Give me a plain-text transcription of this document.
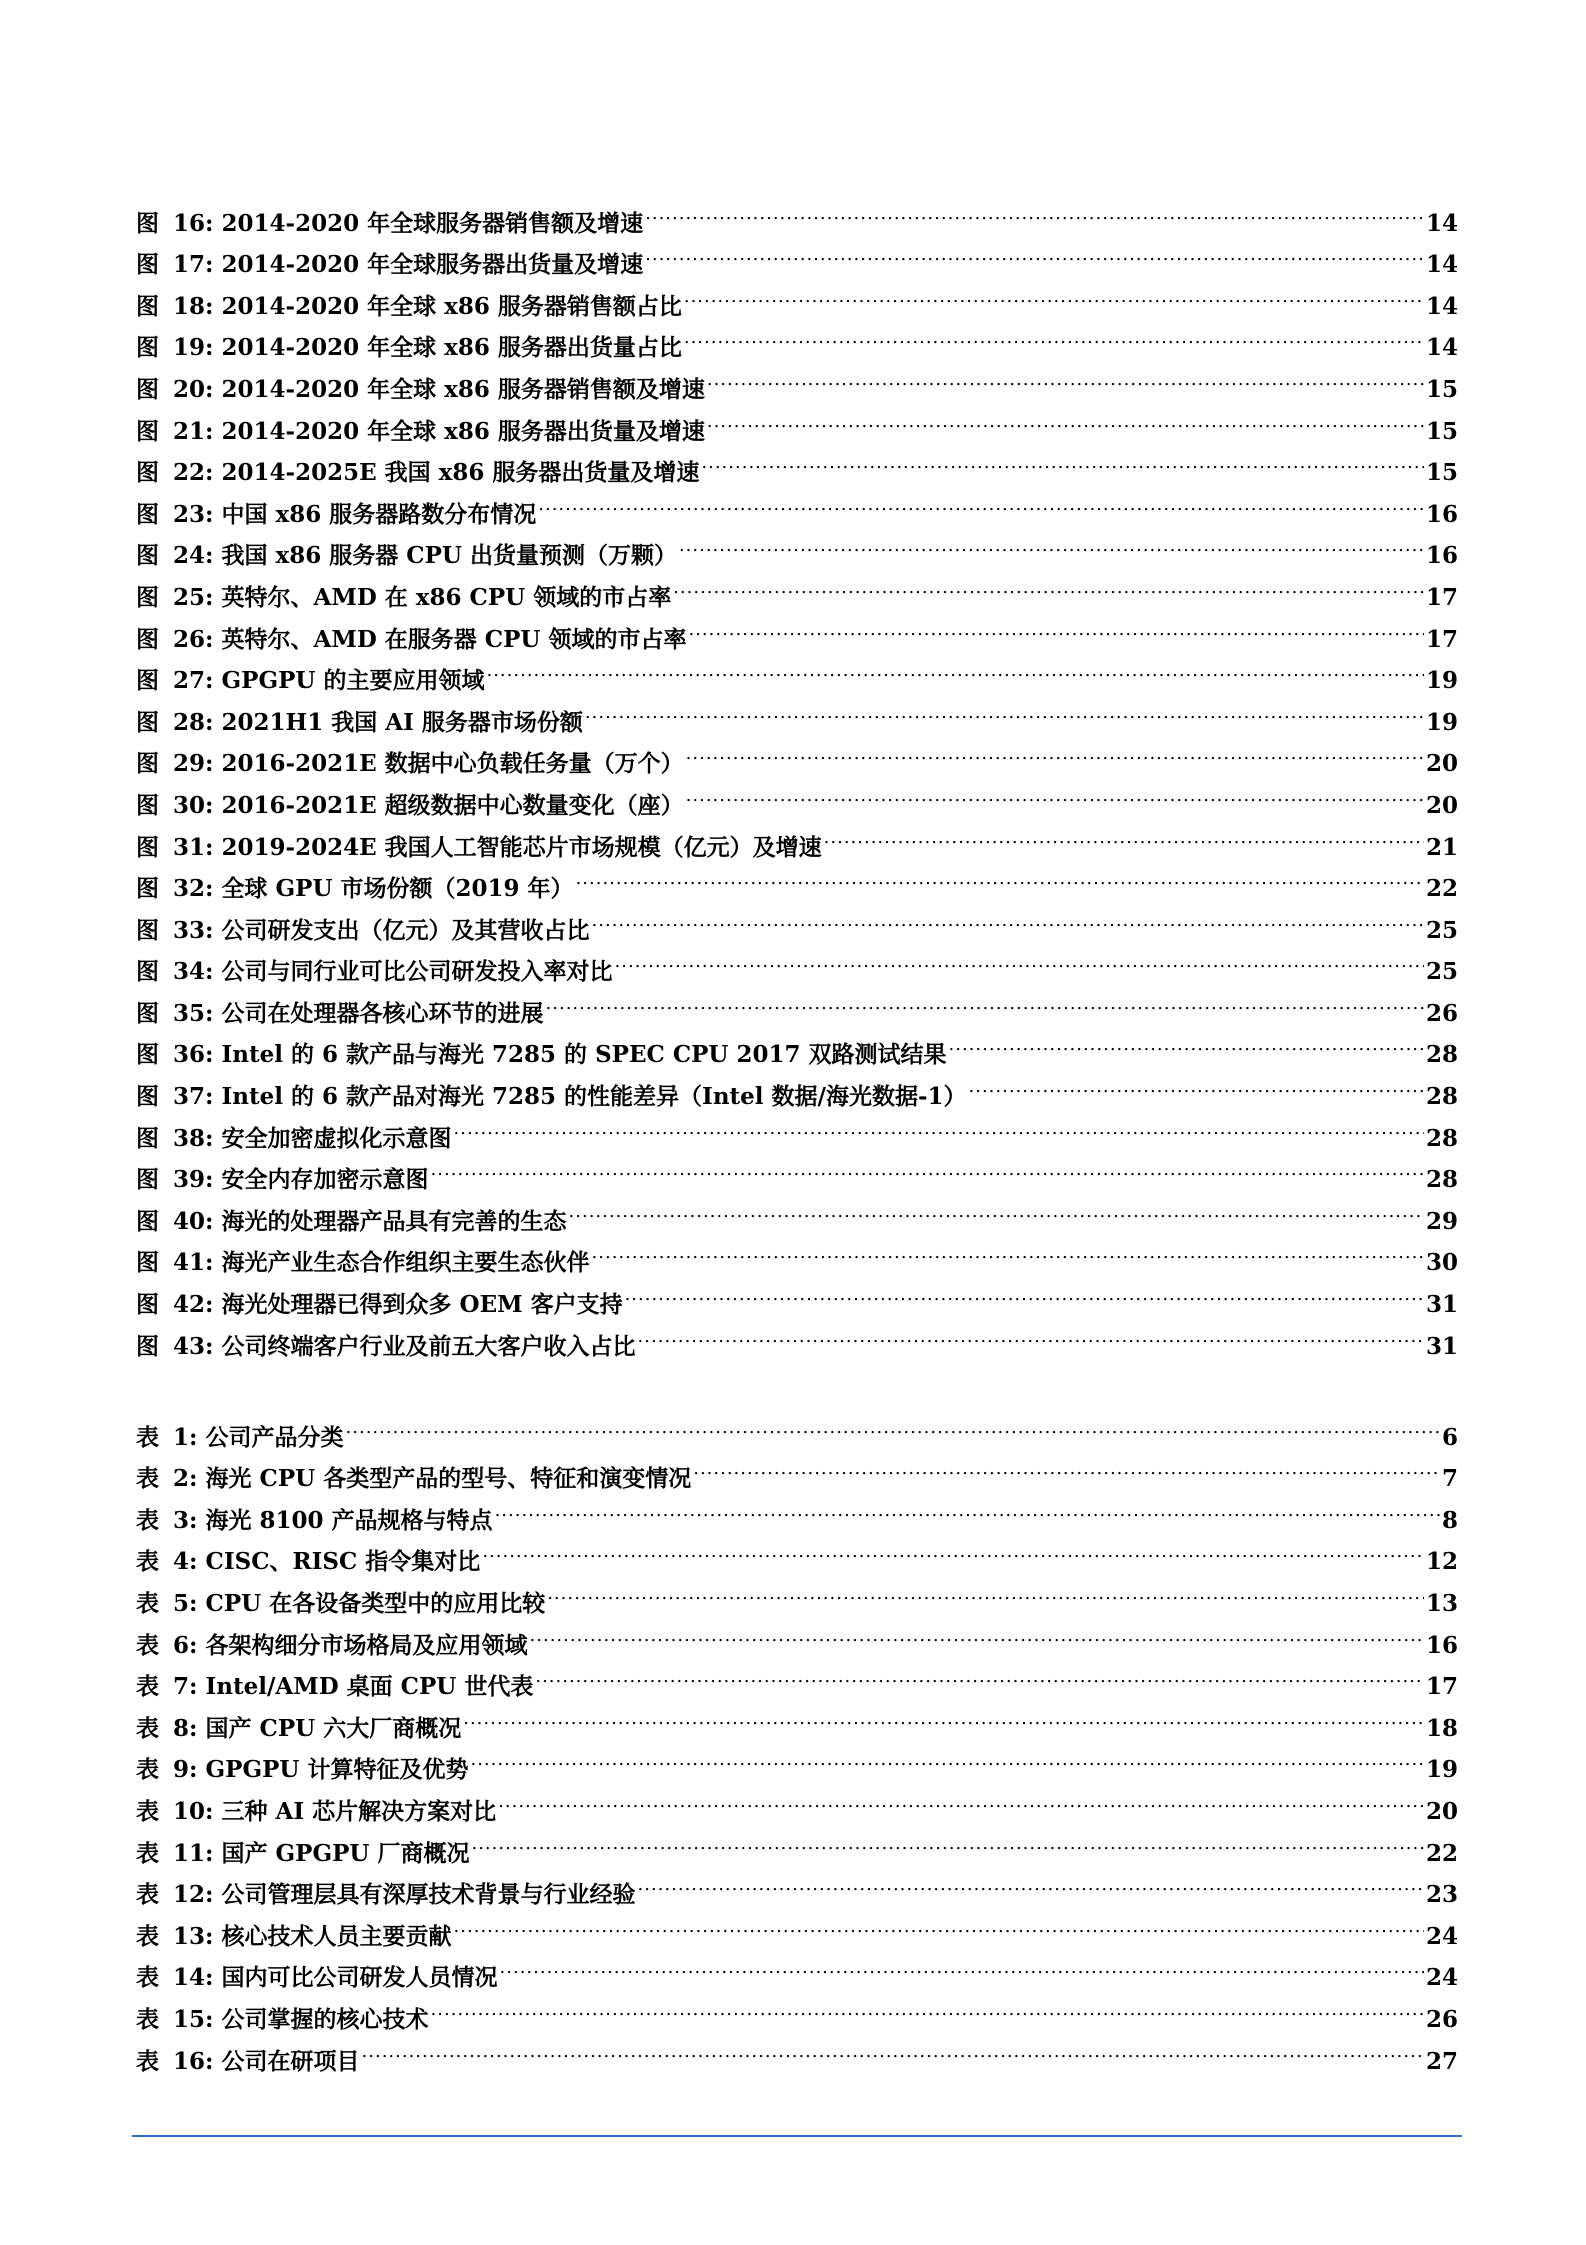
图 16: 2014-2020 年全球服务器销售额及增速 .....	14
图 17: 2014-2020 年全球服务器出货量及增速 .....	14
图 18: 2014-2020 年全球 x86 服务器销售额占比 .....	14
图 19: 2014-2020 年全球 x86 服务器出货量占比 .....	14
图 20: 2014-2020 年全球 x86 服务器销售额及增速 .....	15
图 21: 2014-2020 年全球 x86 服务器出货量及增速 .....	15
图 22: 2014-2025E 我国 x86 服务器出货量及增速 .....	15
图 23: 中国 x86 服务器路数分布情况 .....	16
图 24: 我国 x86 服务器 CPU 出货量预测（万颗） .....	16
图 25: 英特尔、AMD 在 x86 CPU 领域的市占率 .....	17
图 26: 英特尔、AMD 在服务器 CPU 领域的市占率 .....	17
图 27: GPGPU 的主要应用领域 .....	19
图 28: 2021H1 我国 AI 服务器市场份额 .....	19
图 29: 2016-2021E 数据中心负载任务量（万个） .....	20
图 30: 2016-2021E 超级数据中心数量变化（座） .....	20
图 31: 2019-2024E 我国人工智能芯片市场规模（亿元）及增速 .....	21
图 32: 全球 GPU 市场份额（2019 年） .....	22
图 33: 公司研发支出（亿元）及其营收占比 .....	25
图 34: 公司与同行业可比公司研发投入率对比 .....	25
图 35: 公司在处理器各核心环节的进展 .....	26
图 36: Intel 的 6 款产品与海光 7285 的 SPEC CPU 2017 双路测试结果 .....	28
图 37: Intel 的 6 款产品对海光 7285 的性能差异（Intel 数据/海光数据-1） .....	28
图 38: 安全加密虚拟化示意图 .....	28
图 39: 安全内存加密示意图 .....	28
图 40: 海光的处理器产品具有完善的生态 .....	29
图 41: 海光产业生态合作组织主要生态伙伴 .....	30
图 42: 海光处理器已得到众多 OEM 客户支持 .....	31
图 43: 公司终端客户行业及前五大客户收入占比 .....	31
表 1: 公司产品分类 .....	6
表 2: 海光 CPU 各类型产品的型号、特征和演变情况 .....	7
表 3: 海光 8100 产品规格与特点 .....	8
表 4: CISC、RISC 指令集对比 .....	12
表 5: CPU 在各设备类型中的应用比较 .....	13
表 6: 各架构细分市场格局及应用领域 .....	16
表 7: Intel/AMD 桌面 CPU 世代表 .....	17
表 8: 国产 CPU 六大厂商概况 .....	18
表 9: GPGPU 计算特征及优势 .....	19
表 10: 三种 AI 芯片解决方案对比 .....	20
表 11: 国产 GPGPU 厂商概况 .....	22
表 12: 公司管理层具有深厚技术背景与行业经验 .....	23
表 13: 核心技术人员主要贡献 .....	24
表 14: 国内可比公司研发人员情况 .....	24
表 15: 公司掌握的核心技术 .....	26
表 16: 公司在研项目 .....	27
